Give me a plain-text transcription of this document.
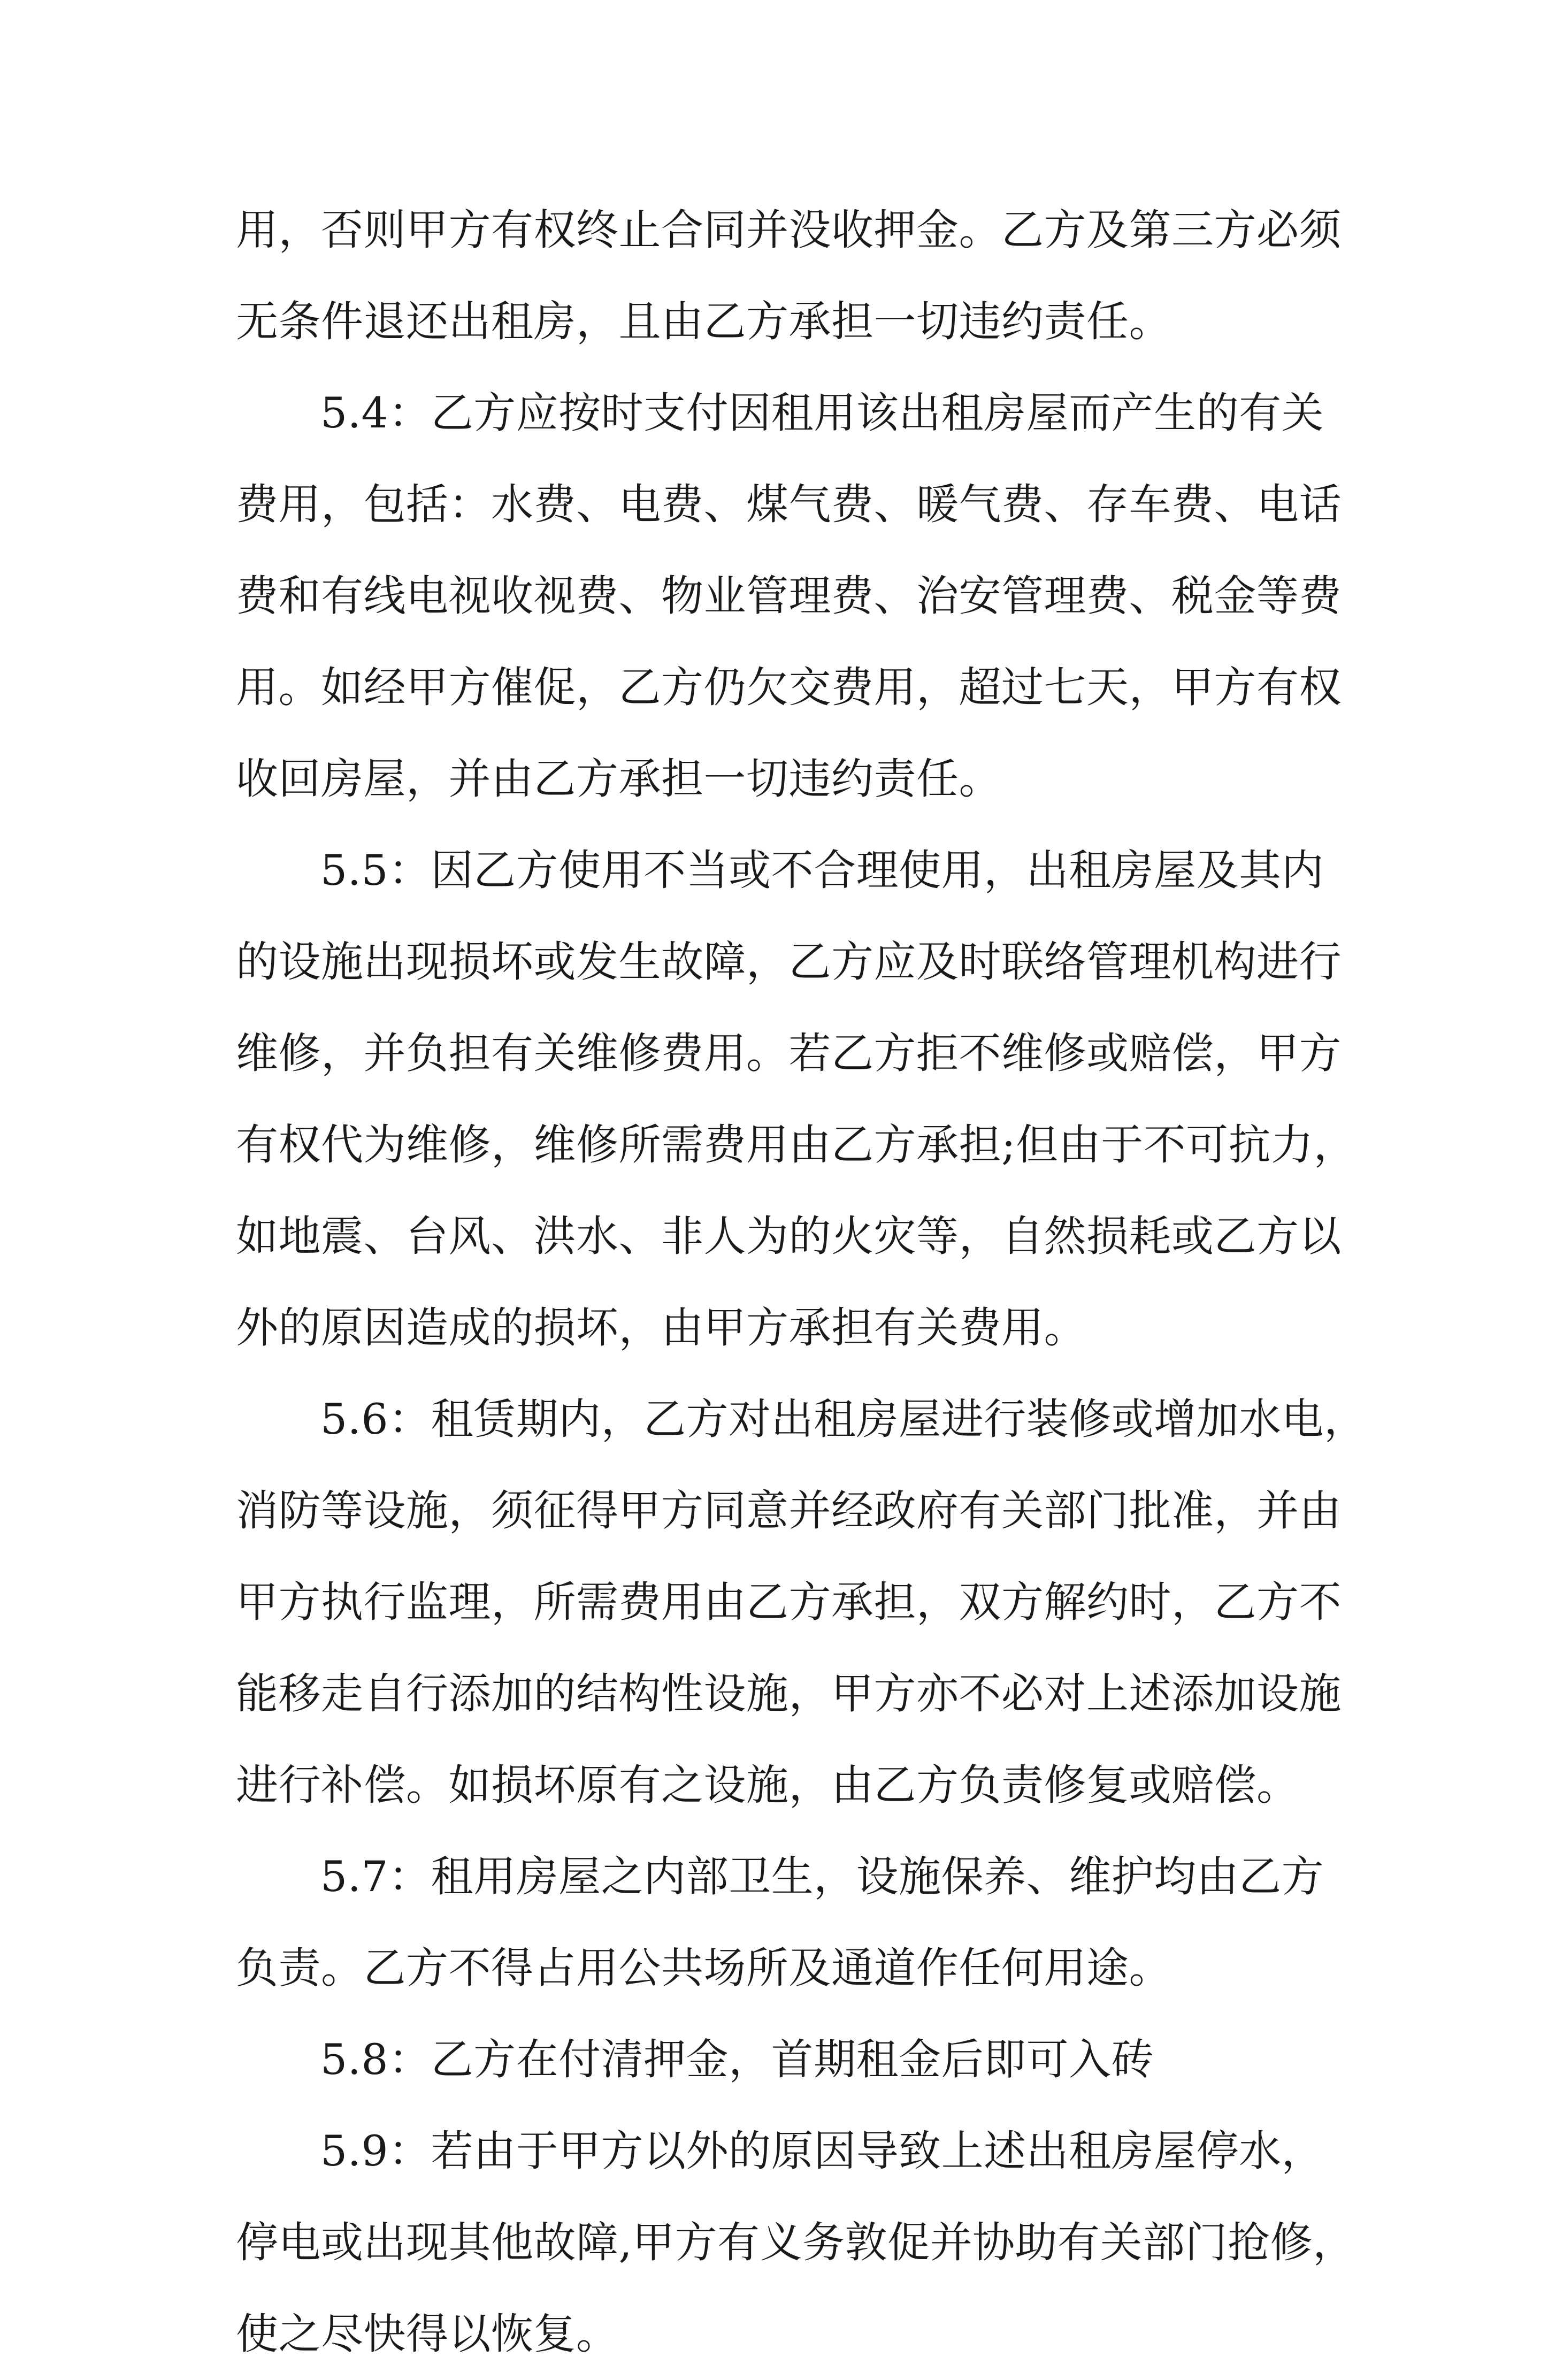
用，否则甲方有权终止合同并没收押金。乙方及第三方必须
无条件退还出租房，且由乙方承担一切违约责任。
5.4：乙方应按时支付因租用该出租房屋而产生的有关
费用，包括：水费、电费、煤气费、暖气费、存车费、电话
费和有线电视收视费、物业管理费、治安管理费、税金等费
用。如经甲方催促，乙方仍欠交费用，超过七天，甲方有权
收回房屋，并由乙方承担一切违约责任。
5.5：因乙方使用不当或不合理使用，出租房屋及其内
的设施出现损坏或发生故障，乙方应及时联络管理机构进行
维修，并负担有关维修费用。若乙方拒不维修或赔偿，甲方
有权代为维修，维修所需费用由乙方承担;但由于不可抗力，
如地震、台风、洪水、非人为的火灾等，自然损耗或乙方以
外的原因造成的损坏，由甲方承担有关费用。
5.6：租赁期内，乙方对出租房屋进行装修或增加水电，
消防等设施，须征得甲方同意并经政府有关部门批准，并由
甲方执行监理，所需费用由乙方承担，双方解约时，乙方不
能移走自行添加的结构性设施，甲方亦不必对上述添加设施
进行补偿。如损坏原有之设施，由乙方负责修复或赔偿。
5.7：租用房屋之内部卫生，设施保养、维护均由乙方
负责。乙方不得占用公共场所及通道作任何用途。
5.8：乙方在付清押金，首期租金后即可入砖
5.9：若由于甲方以外的原因导致上述出租房屋停水，
停电或出现其他故障,甲方有义务敦促并协助有关部门抢修，
使之尽快得以恢复。
